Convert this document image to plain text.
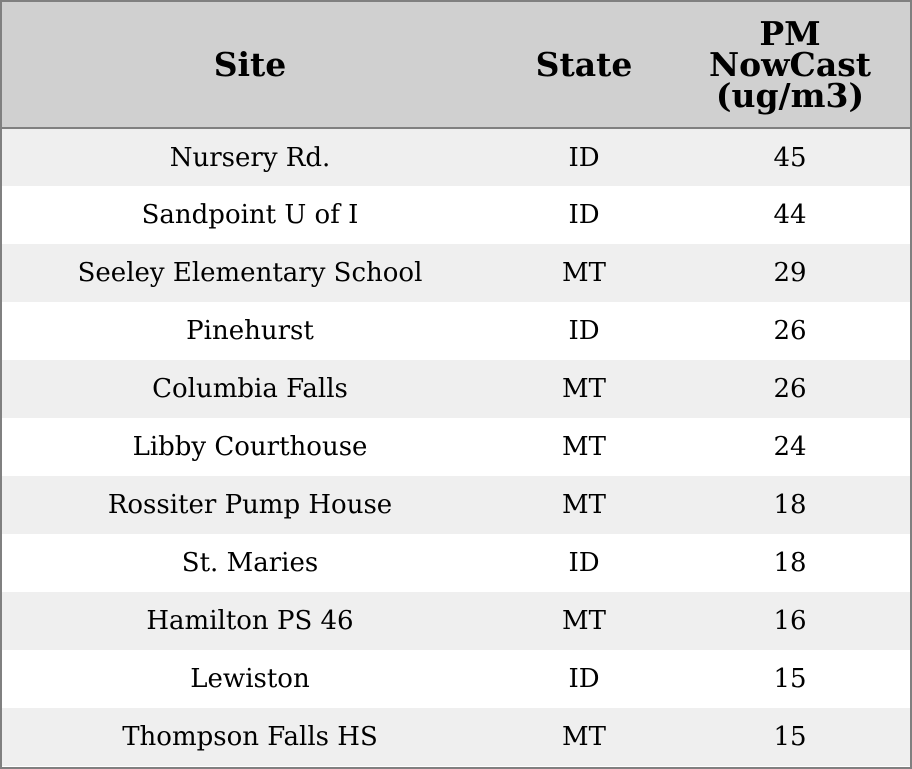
Site	State	PM NowCast (ug/m3)
Nursery Rd.	ID	45
Sandpoint U of I	ID	44
Seeley Elementary School	MT	29
Pinehurst	ID	26
Columbia Falls	MT	26
Libby Courthouse	MT	24
Rossiter Pump House	MT	18
St. Maries	ID	18
Hamilton PS 46	MT	16
Lewiston	ID	15
Thompson Falls HS	MT	15
